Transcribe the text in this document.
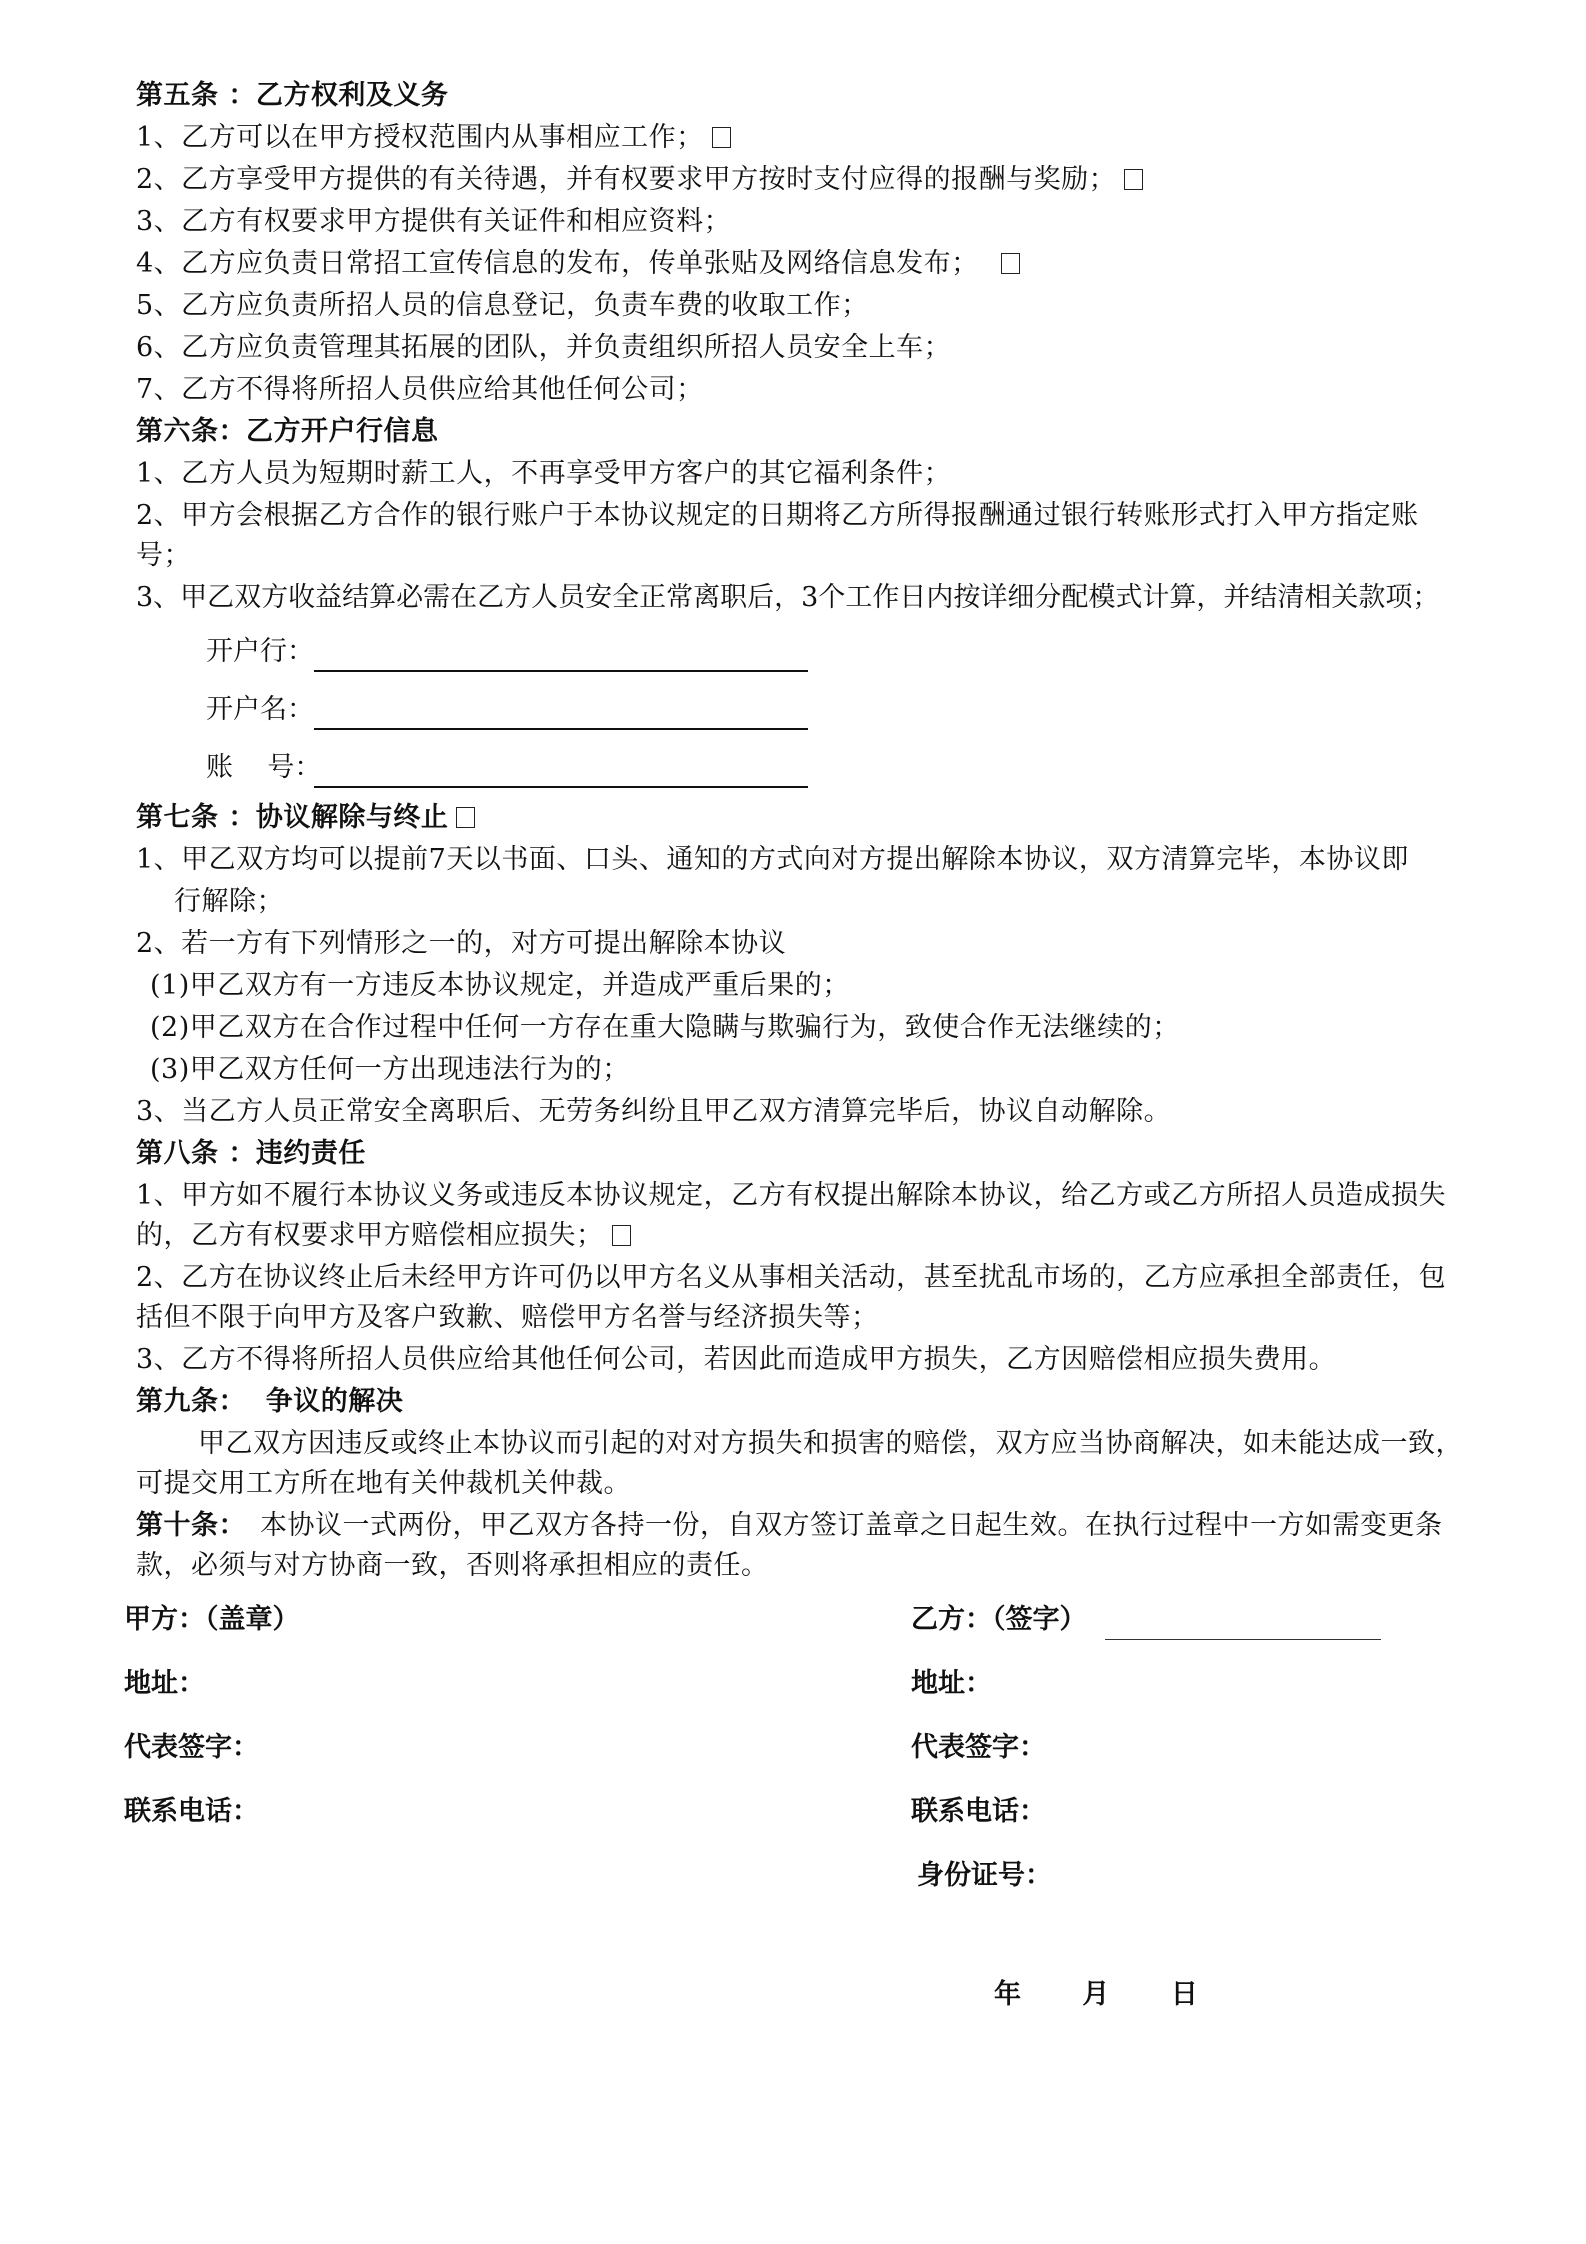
第五条 ：乙方权利及义务
1、乙方可以在甲方授权范围内从事相应工作；
2、乙方享受甲方提供的有关待遇，并有权要求甲方按时支付应得的报酬与奖励；
3、乙方有权要求甲方提供有关证件和相应资料；
4、乙方应负责日常招工宣传信息的发布，传单张贴及网络信息发布；
5、乙方应负责所招人员的信息登记，负责车费的收取工作；
6、乙方应负责管理其拓展的团队，并负责组织所招人员安全上车；
7、乙方不得将所招人员供应给其他任何公司；
第六条：乙方开户行信息
1、乙方人员为短期时薪工人，不再享受甲方客户的其它福利条件；
2、甲方会根据乙方合作的银行账户于本协议规定的日期将乙方所得报酬通过银行转账形式打入甲方指定账号；
3、甲乙双方收益结算必需在乙方人员安全正常离职后，3个工作日内按详细分配模式计算，并结清相关款项；
开户行：
开户名：
账    号：
第七条 ：协议解除与终止
1、甲乙双方均可以提前7天以书面、口头、通知的方式向对方提出解除本协议，双方清算完毕，本协议即
行解除；
2、若一方有下列情形之一的，对方可提出解除本协议
(1)甲乙双方有一方违反本协议规定，并造成严重后果的；
(2)甲乙双方在合作过程中任何一方存在重大隐瞒与欺骗行为，致使合作无法继续的；
(3)甲乙双方任何一方出现违法行为的；
3、当乙方人员正常安全离职后、无劳务纠纷且甲乙双方清算完毕后，协议自动解除。
第八条 ：违约责任
1、甲方如不履行本协议义务或违反本协议规定，乙方有权提出解除本协议，给乙方或乙方所招人员造成损失的，乙方有权要求甲方赔偿相应损失；
2、乙方在协议终止后未经甲方许可仍以甲方名义从事相关活动，甚至扰乱市场的，乙方应承担全部责任，包括但不限于向甲方及客户致歉、赔偿甲方名誉与经济损失等；
3、乙方不得将所招人员供应给其他任何公司，若因此而造成甲方损失，乙方因赔偿相应损失费用。
第九条：  争议的解决
甲乙双方因违反或终止本协议而引起的对对方损失和损害的赔偿，双方应当协商解决，如未能达成一致，可提交用工方所在地有关仲裁机关仲裁。
第十条： 本协议一式两份，甲乙双方各持一份，自双方签订盖章之日起生效。在执行过程中一方如需变更条款，必须与对方协商一致，否则将承担相应的责任。
甲方：（盖章）
地址：
代表签字：
联系电话：
乙方：（签字）
地址：
代表签字：
联系电话：
身份证号：
年 月 日
